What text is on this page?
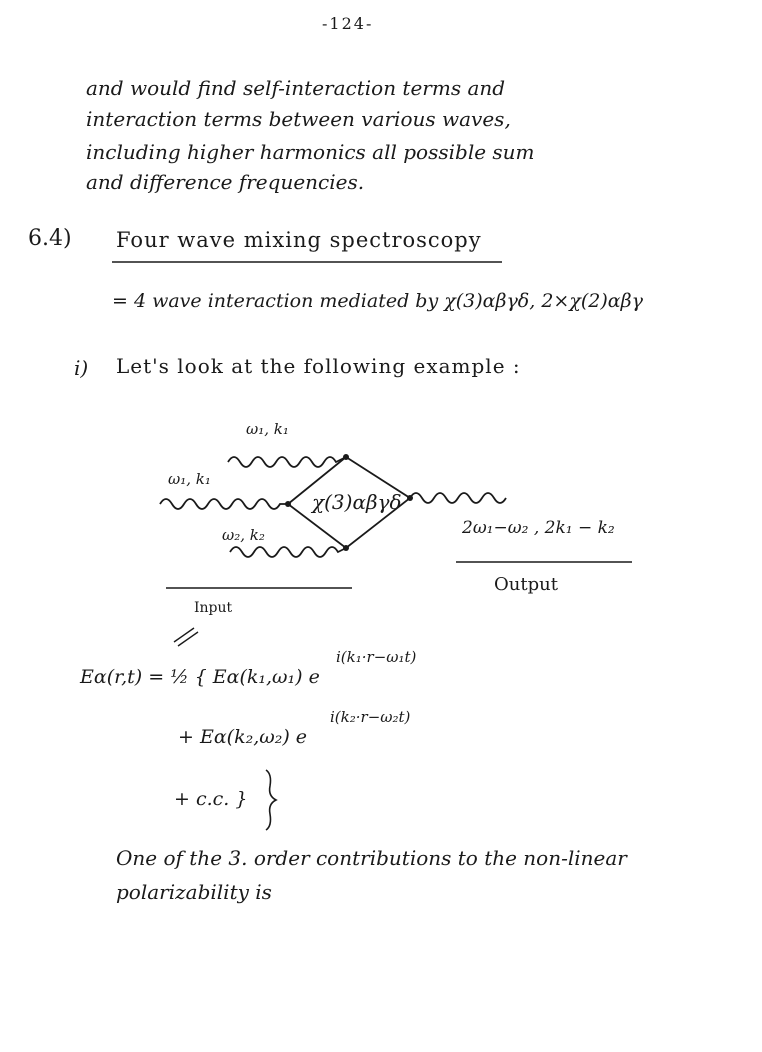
-124-
and would find self-interaction terms and
interaction terms between various waves,
including higher harmonics all possible sum
and difference frequencies.
6.4) Four wave mixing spectroscopy
= 4 wave interaction mediated by χ(3)αβγδ, 2×χ(2)αβγ
i) Let's look at the following example :
ω₁, k₁
ω₁, k₁
ω₂, k₂
χ(3)αβγδ
2ω₁−ω₂ , 2k₁ − k₂
Output
Input
Eα(r,t) = ½ { Eα(k₁,ω₁) e
i(k₁·r−ω₁t)
+ Eα(k₂,ω₂) e
i(k₂·r−ω₂t)
+ c.c. }
One of the 3. order contributions to the non-linear
polarizability is
